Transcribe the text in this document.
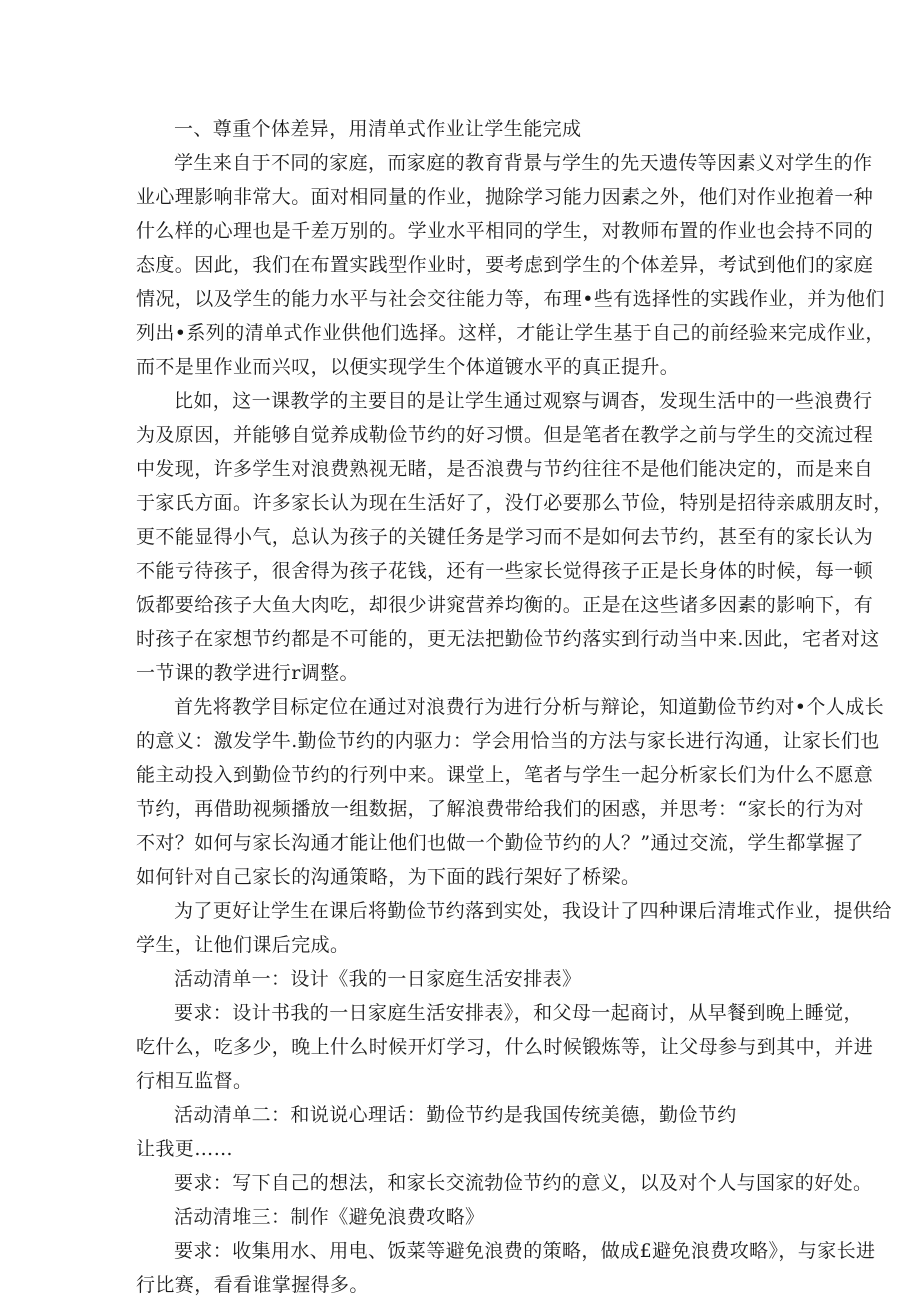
一、尊重个体差异，用清单式作业让学生能完成
学生来自于不同的家庭，而家庭的教育背景与学生的先天遗传等因素义对学生的作
业心理影响非常大。面对相同量的作业，抛除学习能力因素之外，他们对作业抱着一种
什么样的心理也是千差万别的。学业水平相同的学生，对教师布置的作业也会持不同的
态度。因此，我们在布置实践型作业时，要考虑到学生的个体差异，考试到他们的家庭
情况，以及学生的能力水平与社会交往能力等，布理•些有选择性的实践作业，并为他们
列出•系列的清单式作业供他们选择。这样，才能让学生基于自己的前经验来完成作业，
而不是里作业而兴叹，以便实现学生个体道镀水平的真正提升。
比如，这一课教学的主要目的是让学生通过观察与调杳，发现生活中的一些浪费行
为及原因，并能够自觉养成勒俭节约的好习惯。但是笔者在教学之前与学生的交流过程
中发现，许多学生对浪费熟视无睹，是否浪费与节约往往不是他们能决定的，而是来自
于家氏方面。许多家长认为现在生活好了，没仃必要那么节俭，特别是招待亲戚朋友时，
更不能显得小气，总认为孩子的关键任务是学习而不是如何去节约，甚至有的家长认为
不能亏待孩子，很舍得为孩子花钱，还有一些家长觉得孩子正是长身体的时候，每一顿
饭都要给孩子大鱼大肉吃，却很少讲窕营养均衡的。正是在这些诸多因素的影响下，有
时孩子在家想节约都是不可能的，更无法把勤俭节约落实到行动当中来.因此，宅者对这
一节课的教学进行r调整。
首先将教学目标定位在通过对浪费行为进行分析与辩论，知道勤俭节约对•个人成长
的意义：激发学牛.勤俭节约的内驱力：学会用恰当的方法与家长进行沟通，让家长们也
能主动投入到勤俭节约的行列中来。课堂上，笔者与学生一起分析家长们为什么不愿意
节约，再借助视频播放一组数据，了解浪费带给我们的困惑，并思考：“家长的行为对
不对？如何与家长沟通才能让他们也做一个勤俭节约的人？”通过交流，学生都掌握了
如何针对自己家长的沟通策略，为下面的践行架好了桥梁。
为了更好让学生在课后将勤俭节约落到实处，我设计了四种课后清堆式作业，提供给
学生，让他们课后完成。
活动清单一：设计《我的一日家庭生活安排表》
要求：设计书我的一日家庭生活安排表》，和父母一起商讨，从早餐到晚上睡觉，
吃什么，吃多少，晚上什么时候开灯学习，什么时候锻炼等，让父母参与到其中，并进
行相互监督。
活动清单二：和说说心理话：勤俭节约是我国传统美德，勤俭节约
让我更……
要求：写下自己的想法，和家长交流勃俭节约的意义，以及对个人与国家的好处。
活动清堆三：制作《避免浪费攻略》
要求：收集用水、用电、饭菜等避免浪费的策略，做成£避免浪费攻略》，与家长进
行比赛，看看谁掌握得多。
